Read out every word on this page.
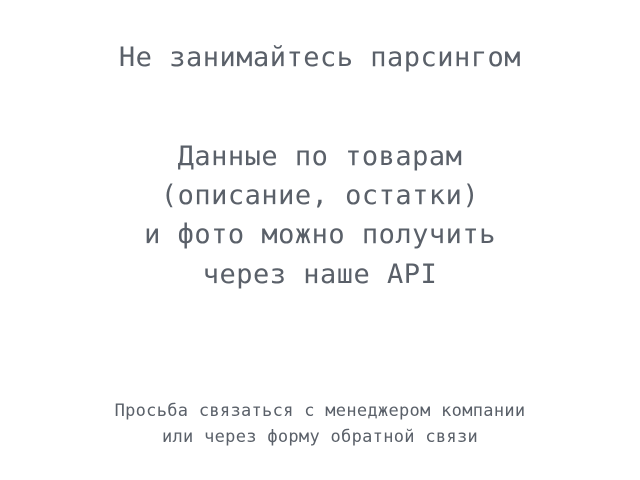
Не занимайтесь парсингом
Данные по товарам
(описание, остатки)
и фото можно получить
через наше API
Просьба связаться с менеджером компании
или через форму обратной связи
